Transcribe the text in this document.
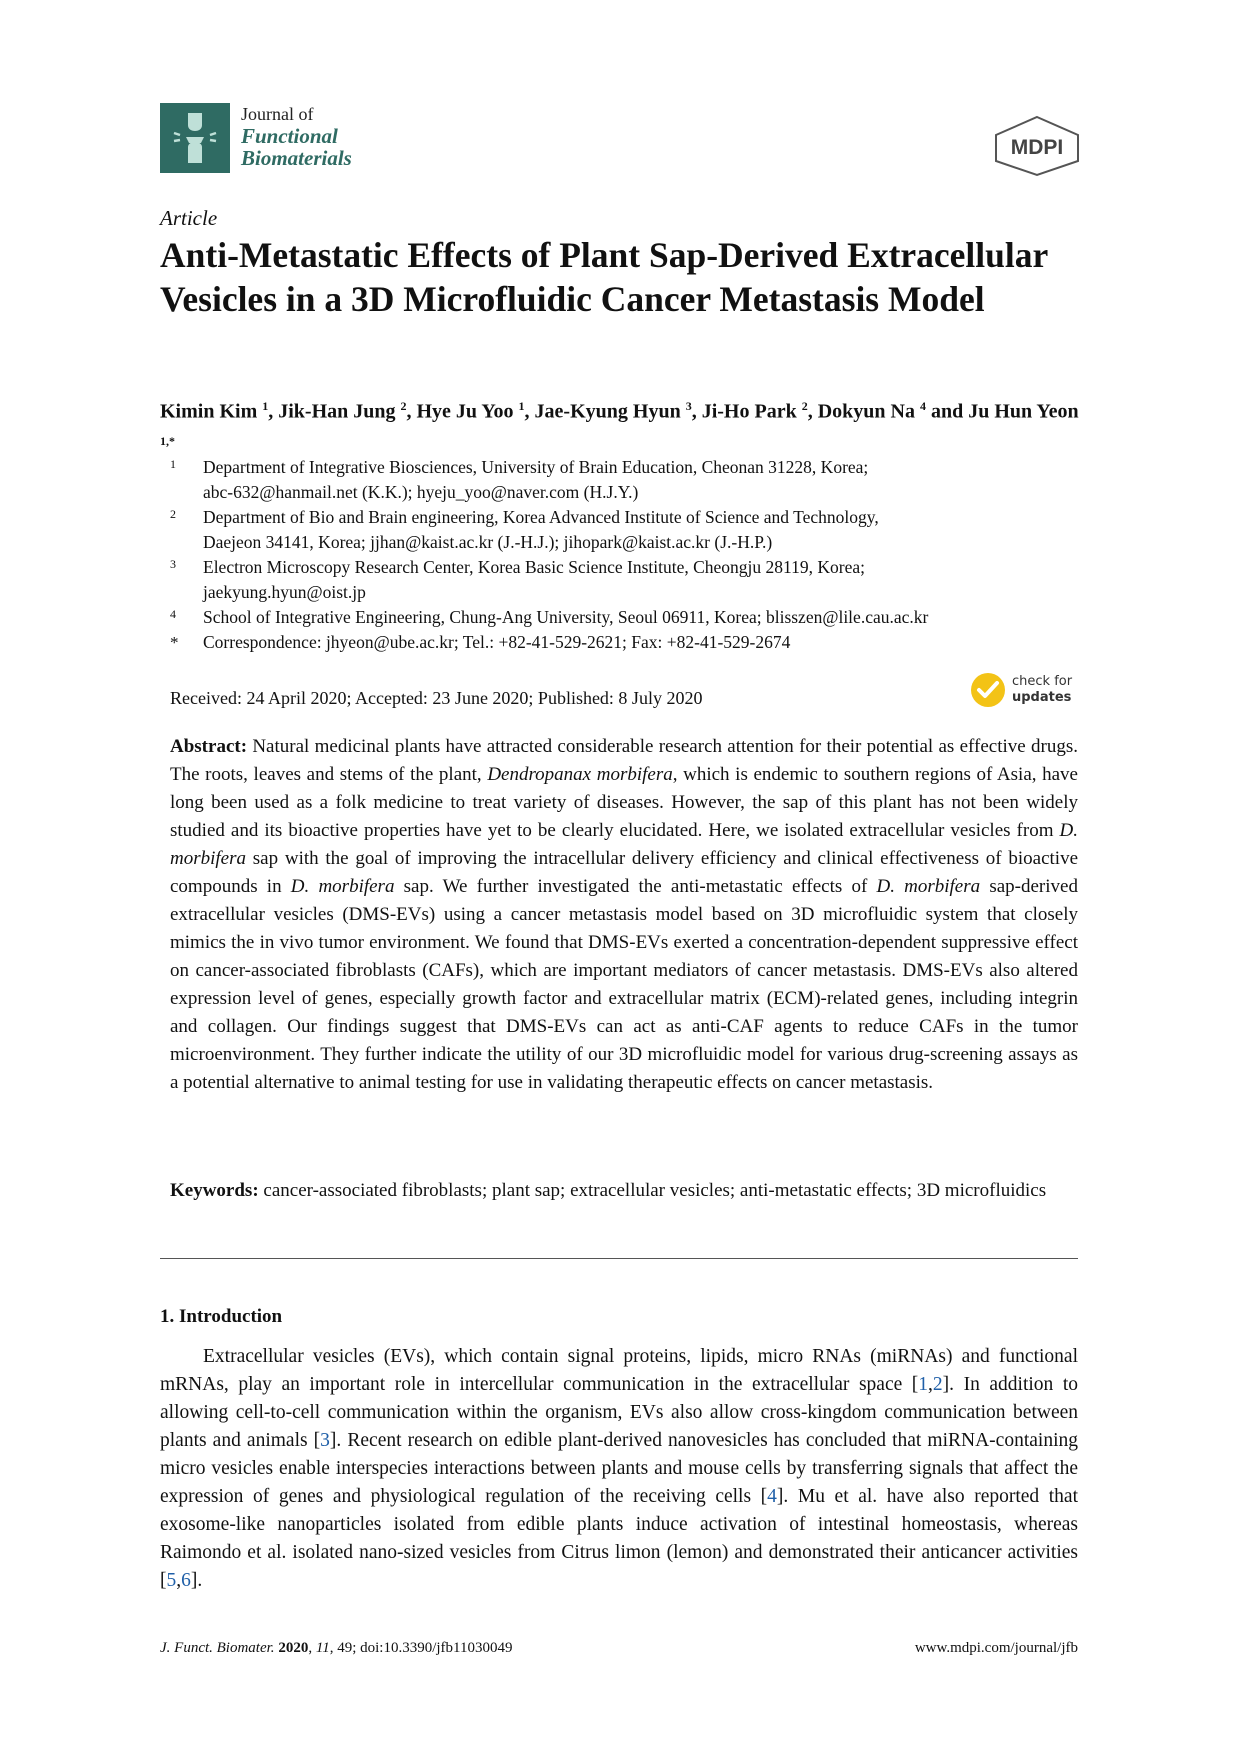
Journal of
Functional
Biomaterials	MDPI
Article
Anti-Metastatic Effects of Plant Sap-Derived Extracellular Vesicles in a 3D Microfluidic Cancer Metastasis Model
Kimin Kim $^1$, Jik-Han Jung $^2$, Hye Ju Yoo $^1$, Jae-Kyung Hyun $^3$, Ji-Ho Park $^2$, Dokyun Na $^4$ and Ju Hun Yeon $^{1,*}$
1	Department of Integrative Biosciences, University of Brain Education, Cheonan 31228, Korea;
abc-632@hanmail.net (K.K.); hyeju_yoo@naver.com (H.J.Y.)
2	Department of Bio and Brain engineering, Korea Advanced Institute of Science and Technology,
Daejeon 34141, Korea; jjhan@kaist.ac.kr (J.-H.J.); jihopark@kaist.ac.kr (J.-H.P.)
3	Electron Microscopy Research Center, Korea Basic Science Institute, Cheongju 28119, Korea;
jaekyung.hyun@oist.jp
4	School of Integrative Engineering, Chung-Ang University, Seoul 06911, Korea; blisszen@lile.cau.ac.kr
*	Correspondence: jhyeon@ube.ac.kr; Tel.: +82-41-529-2621; Fax: +82-41-529-2674
Received: 24 April 2020; Accepted: 23 June 2020; Published: 8 July 2020
check for
updates
Abstract: Natural medicinal plants have attracted considerable research attention for their potential as effective drugs. The roots, leaves and stems of the plant, Dendropanax morbifera, which is endemic to southern regions of Asia, have long been used as a folk medicine to treat variety of diseases. However, the sap of this plant has not been widely studied and its bioactive properties have yet to be clearly elucidated. Here, we isolated extracellular vesicles from D. morbifera sap with the goal of improving the intracellular delivery efficiency and clinical effectiveness of bioactive compounds in D. morbifera sap. We further investigated the anti-metastatic effects of D. morbifera sap-derived extracellular vesicles (DMS-EVs) using a cancer metastasis model based on 3D microfluidic system that closely mimics the in vivo tumor environment. We found that DMS-EVs exerted a concentration-dependent suppressive effect on cancer-associated fibroblasts (CAFs), which are important mediators of cancer metastasis. DMS-EVs also altered expression level of genes, especially growth factor and extracellular matrix (ECM)-related genes, including integrin and collagen. Our findings suggest that DMS-EVs can act as anti-CAF agents to reduce CAFs in the tumor microenvironment. They further indicate the utility of our 3D microfluidic model for various drug-screening assays as a potential alternative to animal testing for use in validating therapeutic effects on cancer metastasis.
Keywords: cancer-associated fibroblasts; plant sap; extracellular vesicles; anti-metastatic effects; 3D microfluidics
1. Introduction

Extracellular vesicles (EVs), which contain signal proteins, lipids, micro RNAs (miRNAs) and functional mRNAs, play an important role in intercellular communication in the extracellular space [1,2]. In addition to allowing cell-to-cell communication within the organism, EVs also allow cross-kingdom communication between plants and animals [3]. Recent research on edible plant-derived nanovesicles has concluded that miRNA-containing micro vesicles enable interspecies interactions between plants and mouse cells by transferring signals that affect the expression of genes and physiological regulation of the receiving cells [4]. Mu et al. have also reported that exosome-like nanoparticles isolated from edible plants induce activation of intestinal homeostasis, whereas Raimondo et al. isolated nano-sized vesicles from Citrus limon (lemon) and demonstrated their anticancer activities [5,6].

J. Funct. Biomater. 2020, 11, 49; doi:10.3390/jfb11030049	www.mdpi.com/journal/jfb
